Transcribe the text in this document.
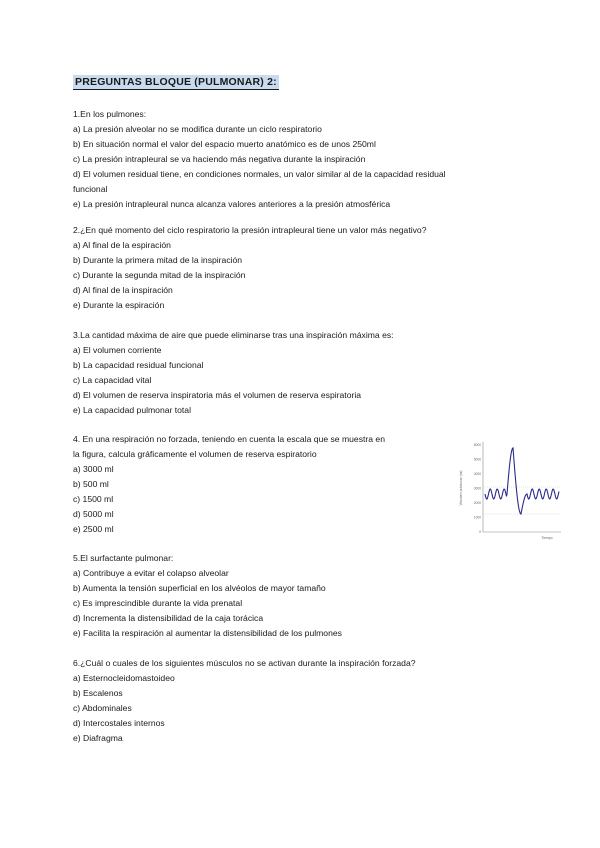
PREGUNTAS BLOQUE (PULMONAR) 2:
1.En los pulmones:
a) La presión alveolar no se modifica durante un ciclo respiratorio
b) En situación normal el valor del espacio muerto anatómico es de unos 250ml
c) La presión intrapleural se va haciendo más negativa durante la inspiración
d) El volumen residual tiene, en condiciones normales, un valor similar al de la capacidad residual
funcional
e) La presión intrapleural nunca alcanza valores anteriores a la presión atmosférica
2.¿En qué momento del ciclo respiratorio la presión intrapleural tiene un valor más negativo?
a) Al final de la espiración
b) Durante la primera mitad de la inspiración
c) Durante la segunda mitad de la inspiración
d) Al final de la inspiración
e) Durante la espiración
3.La cantidad máxima de aire que puede eliminarse tras una inspiración máxima es:
a) El volumen corriente
b) La capacidad residual funcional
c) La capacidad vital
d) El volumen de reserva inspiratoria más el volumen de reserva espiratoria
e) La capacidad pulmonar total
4. En una respiración no forzada, teniendo en cuenta la escala que se muestra en
la figura, calcula gráficamente el volumen de reserva espiratorio
a) 3000 ml
b) 500 ml
c) 1500 ml
d) 5000 ml
e) 2500 ml
6000
5000
4000
3000
2000
1000
0
Volumen pulmonar (ml)
Tiempo
5.El surfactante pulmonar:
a) Contribuye a evitar el colapso alveolar
b) Aumenta la tensión superficial en los alvéolos de mayor tamaño
c) Es imprescindible durante la vida prenatal
d) Incrementa la distensibilidad de la caja torácica
e) Facilita la respiración al aumentar la distensibilidad de los pulmones
6.¿Cuál o cuales de los siguientes músculos no se activan durante la inspiración forzada?
a) Esternocleidomastoideo
b) Escalenos
c) Abdominales
d) Intercostales internos
e) Diafragma
